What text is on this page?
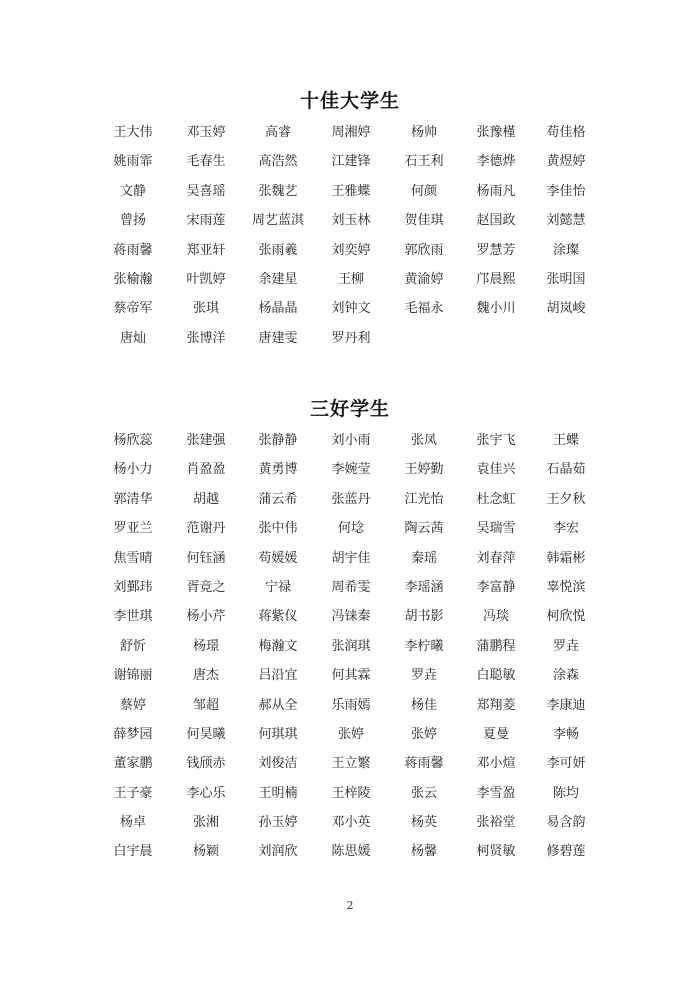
十佳大学生
王大伟	邓玉婷	高睿	周湘婷	杨帅	张豫槿	苟佳格
姚雨霏	毛春生	高浩然	江建锋	石王利	李德烨	黄煜婷
文静	吴喜瑶	张魏艺	王雅蝶	何颜	杨雨凡	李佳怡
曾扬	宋雨莲	周艺蓝淇	刘玉林	贺佳琪	赵国政	刘懿慧
蒋雨馨	郑亚轩	张雨羲	刘奕婷	郭欣雨	罗慧芳	涂璨
张榆瀚	叶凯婷	余建星	王柳	黄渝婷	邝晨熙	张明国
蔡帝军	张琪	杨晶晶	刘钟文	毛福永	魏小川	胡岚峻
唐灿	张博洋	唐建雯	罗丹利
三好学生
杨欣蕊	张建强	张静静	刘小雨	张凤	张宇飞	王蝶
杨小力	肖盈盈	黄勇博	李婉莹	王婷勤	袁佳兴	石晶茹
郭清华	胡越	蒲云希	张蓝丹	江光怡	杜念虹	王夕秋
罗亚兰	范谢丹	张中伟	何埝	陶云茜	吴瑞雪	李宏
焦雪晴	何钰涵	苟媛媛	胡宇佳	秦瑶	刘春萍	韩霜彬
刘鄞玮	胥竞之	宁禄	周希雯	李瑶涵	李富静	辜悦滨
李世琪	杨小芹	蒋紫仪	冯铼秦	胡书影	冯琰	柯欣悦
舒忻	杨璟	梅瀚文	张润琪	李柠曦	蒲鹏程	罗垚
谢锦丽	唐杰	吕沿宜	何其霖	罗垚	白聪敏	涂森
蔡婷	邹超	郝从全	乐雨嫣	杨佳	郑翔菱	李康迪
薛梦园	何昊曦	何琪琪	张婷	张婷	夏曼	李畅
董家鹏	钱颀赤	刘俊洁	王立繁	蒋雨馨	邓小煊	李可妍
王子豪	李心乐	王明楠	王梓陵	张云	李雪盈	陈均
杨卓	张湘	孙玉婷	邓小英	杨英	张裕堂	易含韵
白宇晨	杨颖	刘润欣	陈思媛	杨馨	柯贤敏	修碧莲
2
